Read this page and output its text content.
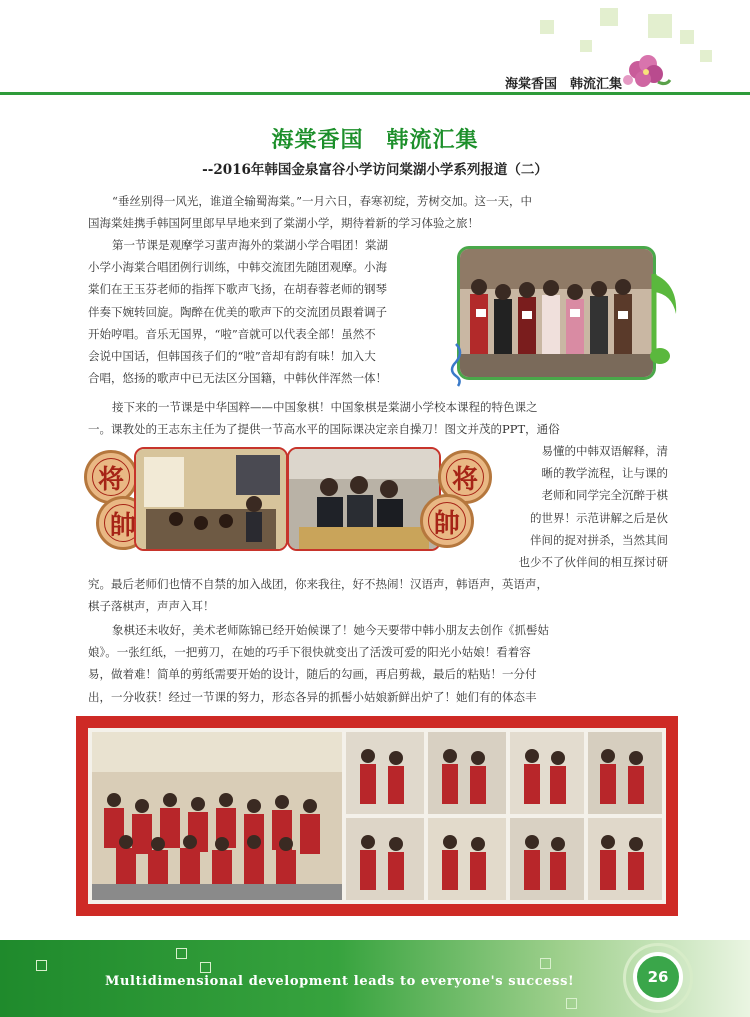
海棠香国　韩流汇集
海棠香国　韩流汇集
--2016年韩国金泉富谷小学访问棠湖小学系列报道（二）
“垂丝别得一风光，谁道全输蜀海棠。”一月六日，春寒初绽，芳树交加。这一天，中
国海棠娃携手韩国阿里郎早早地来到了棠湖小学，期待着新的学习体验之旅！
第一节课是观摩学习蜚声海外的棠湖小学合唱团！棠湖
小学小海棠合唱团例行训练，中韩交流团先随团观摩。小海
棠们在王玉芬老师的指挥下歌声飞扬，在胡春蓉老师的钢琴
伴奏下婉转回旋。陶醉在优美的歌声下的交流团员跟着调子
开始哼唱。音乐无国界，“啦”音就可以代表全部！虽然不
会说中国话，但韩国孩子们的“啦”音却有韵有味！加入大
合唱，悠扬的歌声中已无法区分国籍，中韩伙伴浑然一体！
接下来的一节课是中华国粹——中国象棋！中国象棋是棠湖小学校本课程的特色课之
一。课教处的王志东主任为了提供一节高水平的国际课决定亲自操刀！图文并茂的PPT，通俗
将
帥
将
帥
易懂的中韩双语解释，清
晰的教学流程，让与课的
老师和同学完全沉醉于棋
的世界！示范讲解之后是伙
伴间的捉对拼杀，当然其间
也少不了伙伴间的相互探讨研
究。最后老师们也情不自禁的加入战团，你来我往，好不热闹！汉语声，韩语声，英语声，
棋子落棋声，声声入耳！
象棋还未收好，美术老师陈锦已经开始候课了！她今天要带中韩小朋友去创作《抓髻姑
娘》。一张红纸，一把剪刀，在她的巧手下很快就变出了活泼可爱的阳光小姑娘！看着容
易，做着难！简单的剪纸需要开始的设计，随后的勾画，再启剪裁，最后的粘贴！一分付
出，一分收获！经过一节课的努力，形态各异的抓髻小姑娘新鲜出炉了！她们有的体态丰
Multidimensional development leads to everyone's success!	26
